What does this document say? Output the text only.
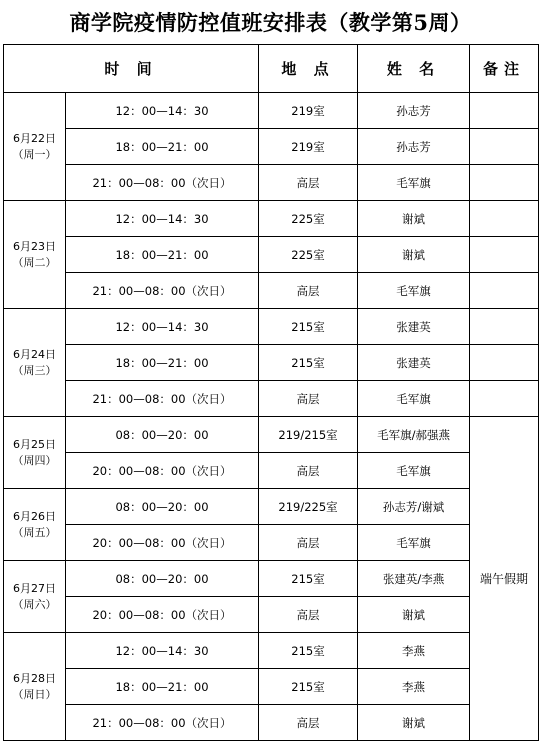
商学院疫情防控值班安排表（教学第5周）
时 间		地 点	姓 名	备注

6月22日
（周一）	12：00—14：30	219室	孙志芳	
	18：00—21：00	219室	孙志芳	
	21：00—08：00（次日）	高层	毛军旗	

6月23日
（周二）	12：00—14：30	225室	谢斌	
	18：00—21：00	225室	谢斌	
	21：00—08：00（次日）	高层	毛军旗	

6月24日
（周三）	12：00—14：30	215室	张建英	
	18：00—21：00	215室	张建英	
	21：00—08：00（次日）	高层	毛军旗	

6月25日
（周四）	08：00—20：00	219/215室	毛军旗/郝强燕	端午假期
	20：00—08：00（次日）	高层	毛军旗	

6月26日
（周五）	08：00—20：00	219/225室	孙志芳/谢斌	
	20：00—08：00（次日）	高层	毛军旗	

6月27日
（周六）	08：00—20：00	215室	张建英/李燕	
	20：00—08：00（次日）	高层	谢斌	

6月28日
（周日）	12：00—14：30	215室	李燕	
	18：00—21：00	215室	李燕	
	21：00—08：00（次日）	高层	谢斌	
